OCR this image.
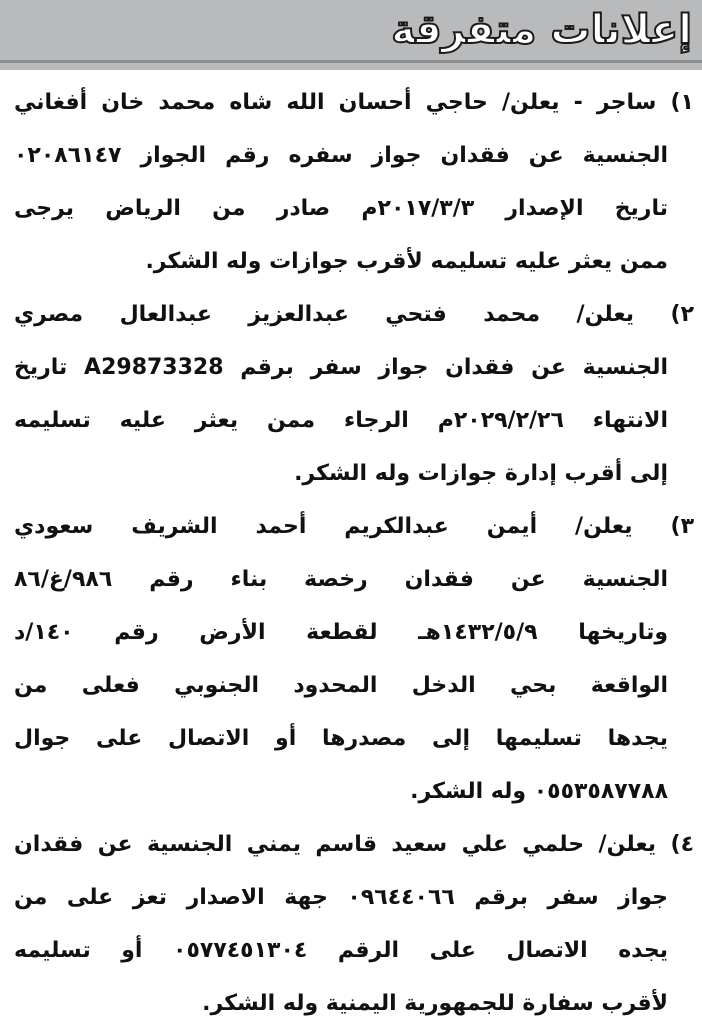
إعلانات متفرقة
١) ساجر - يعلن/ حاجي أحسان الله شاه محمد خان أفغاني
الجنسية عن فقدان جواز سفره رقم الجواز ٠٢٠٨٦١٤٧
تاريخ الإصدار ٢٠١٧/٣/٣م صادر من الرياض يرجى
ممن يعثر عليه تسليمه لأقرب جوازات وله الشكر.
٢) يعلن/ محمد فتحي عبدالعزيز عبدالعال مصري
الجنسية عن فقدان جواز سفر برقم A29873328 تاريخ
الانتهاء ٢٠٢٩/٢/٢٦م الرجاء ممن يعثر عليه تسليمه
إلى أقرب إدارة جوازات وله الشكر.
٣) يعلن/ أيمن عبدالكريم أحمد الشريف سعودي
الجنسية عن فقدان رخصة بناء رقم ٩٨٦/غ/٨٦
وتاريخها ١٤٣٢/٥/٩هـ لقطعة الأرض رقم ١٤٠/د
الواقعة بحي الدخل المحدود الجنوبي فعلى من
يجدها تسليمها إلى مصدرها أو الاتصال على جوال
٠٥٥٣٥٨٧٧٨٨ وله الشكر.
٤) يعلن/ حلمي علي سعيد قاسم يمني الجنسية عن فقدان
جواز سفر برقم ٠٩٦٤٤٠٦٦ جهة الاصدار تعز على من
يجده الاتصال على الرقم ٠٥٧٧٤٥١٣٠٤ أو تسليمه
لأقرب سفارة للجمهورية اليمنية وله الشكر.
